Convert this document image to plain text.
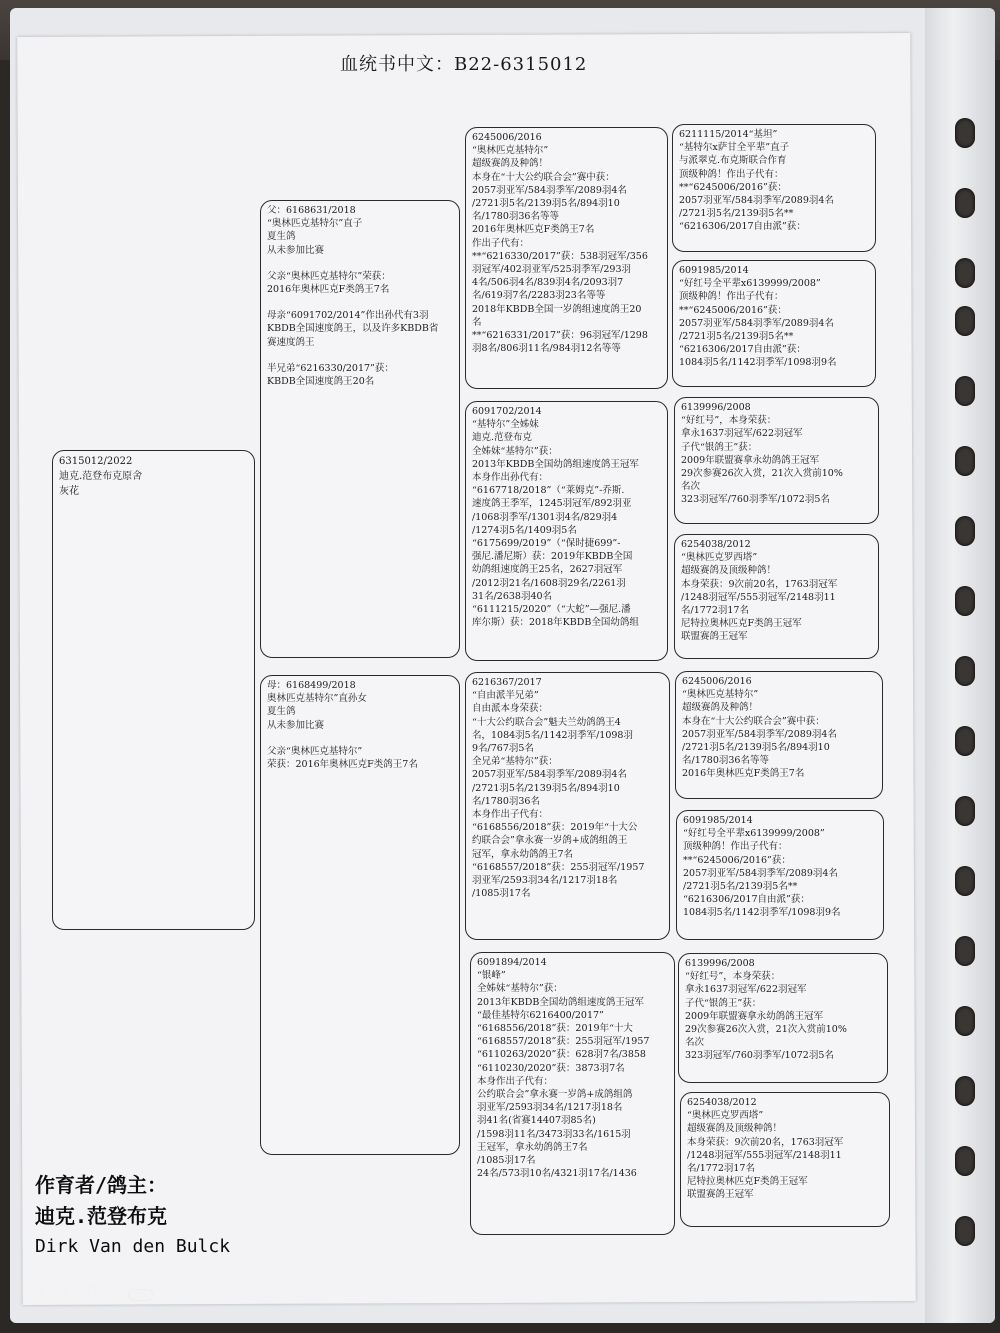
血统书中文：B22-6315012
6315012/2022
迪克.范登布克原舍
灰花
父：6168631/2018
“奥林匹克基特尔”直子
夏生鸽
从未参加比赛
父亲“奥林匹克基特尔”荣获：
2016年奥林匹克F类鸽王7名
母亲“6091702/2014”作出孙代有3羽
KBDB全国速度鸽王，以及许多KBDB省
赛速度鸽王
半兄弟“6216330/2017”获：
KBDB全国速度鸽王20名
母：6168499/2018
奥林匹克基特尔”直孙女
夏生鸽
从未参加比赛
父亲“奥林匹克基特尔”
荣获：2016年奥林匹克F类鸽王7名
6245006/2016
“奥林匹克基特尔”
超级赛鸽及种鸽！
本身在“十大公约联合会”赛中获：
2057羽亚军/584羽季军/2089羽4名
/2721羽5名/2139羽5名/894羽10
名/1780羽36名等等
2016年奥林匹克F类鸽王7名
作出子代有：
**“6216330/2017”获：538羽冠军/356
羽冠军/402羽亚军/525羽季军/293羽
4名/506羽4名/839羽4名/2093羽7
名/619羽7名/2283羽23名等等
2018年KBDB全国一岁鸽组速度鸽王20
名
**“6216331/2017”获：96羽冠军/1298
羽8名/806羽11名/984羽12名等等
6091702/2014
“基特尔”全姊妹
迪克.范登布克
全姊妹“基特尔”获：
2013年KBDB全国幼鸽组速度鸽王冠军
本身作出孙代有：
“6167718/2018”（“莱姆克”-乔斯.
速度鸽王季军，1245羽冠军/892羽亚
/1068羽季军/1301羽4名/829羽4
/1274羽5名/1409羽5名
“6175699/2019”（“保时捷699”-
强尼.潘尼斯）获：2019年KBDB全国
幼鸽组速度鸽王25名，2627羽冠军
/2012羽21名/1608羽29名/2261羽
31名/2638羽40名
“6111215/2020”（“大蛇”—强尼.潘
库尔斯）获：2018年KBDB全国幼鸽组
6216367/2017
“自由派半兄弟”
自由派本身荣获：
“十大公约联合会”魁夫兰幼鸽鸽王4
名，1084羽5名/1142羽季军/1098羽
9名/767羽5名
全兄弟“基特尔”获：
2057羽亚军/584羽季军/2089羽4名
/2721羽5名/2139羽5名/894羽10
名/1780羽36名
本身作出子代有：
“6168556/2018”获：2019年“十大公
约联合会”拿永赛一岁鸽+成鸽组鸽王
冠军，拿永幼鸽鸽王7名
“6168557/2018”获：255羽冠军/1957
羽亚军/2593羽34名/1217羽18名
/1085羽17名
6091894/2014
“银峰”
全姊妹“基特尔”获：
2013年KBDB全国幼鸽组速度鸽王冠军
“最佳基特尔6216400/2017”
“6168556/2018”获：2019年“十大
“6168557/2018”获：255羽冠军/1957
“6110263/2020”获：628羽7名/3858
“6110230/2020”获：3873羽7名
本身作出子代有：
公约联合会”拿永赛一岁鸽+成鸽组鸽
羽亚军/2593羽34名/1217羽18名
羽41名(省赛14407羽85名)
/1598羽11名/3473羽33名/1615羽
王冠军，拿永幼鸽鸽王7名
/1085羽17名
24名/573羽10名/4321羽17名/1436
6211115/2014“基坦”
“基特尔x萨甘全平辈”直子
与派翠克.布克斯联合作育
顶级种鸽！作出子代有：
**“6245006/2016”获：
2057羽亚军/584羽季军/2089羽4名
/2721羽5名/2139羽5名**
“6216306/2017自由派”获：
6091985/2014
“好红号全平辈x6139999/2008”
顶级种鸽！作出子代有：
**“6245006/2016”获：
2057羽亚军/584羽季军/2089羽4名
/2721羽5名/2139羽5名**
“6216306/2017自由派”获：
1084羽5名/1142羽季军/1098羽9名
6139996/2008
“好红号”，本身荣获：
拿永1637羽冠军/622羽冠军
子代“银鸽王”获：
2009年联盟赛拿永幼鸽鸽王冠军
29次参赛26次入赏，21次入赏前10%
名次
323羽冠军/760羽季军/1072羽5名
6254038/2012
“奥林匹克罗西塔”
超级赛鸽及顶级种鸽！
本身荣获：9次前20名，1763羽冠军
/1248羽冠军/555羽冠军/2148羽11
名/1772羽17名
尼特拉奥林匹克F类鸽王冠军
联盟赛鸽王冠军
6245006/2016
“奥林匹克基特尔”
超级赛鸽及种鸽！
本身在“十大公约联合会”赛中获：
2057羽亚军/584羽季军/2089羽4名
/2721羽5名/2139羽5名/894羽10
名/1780羽36名等等
2016年奥林匹克F类鸽王7名
6091985/2014
“好红号全平辈x6139999/2008”
顶级种鸽！作出子代有：
**“6245006/2016”获：
2057羽亚军/584羽季军/2089羽4名
/2721羽5名/2139羽5名**
“6216306/2017自由派”获：
1084羽5名/1142羽季军/1098羽9名
6139996/2008
“好红号”，本身荣获：
拿永1637羽冠军/622羽冠军
子代“银鸽王”获：
2009年联盟赛拿永幼鸽鸽王冠军
29次参赛26次入赏，21次入赏前10%
名次
323羽冠军/760羽季军/1072羽5名
6254038/2012
“奥林匹克罗西塔”
超级赛鸽及顶级种鸽！
本身荣获：9次前20名，1763羽冠军
/1248羽冠军/555羽冠军/2148羽11
名/1772羽17名
尼特拉奥林匹克F类鸽王冠军
联盟赛鸽王冠军
作育者/鸽主：
迪克.范登布克
Dirk Van den Bulck
X30 Pro 5G
